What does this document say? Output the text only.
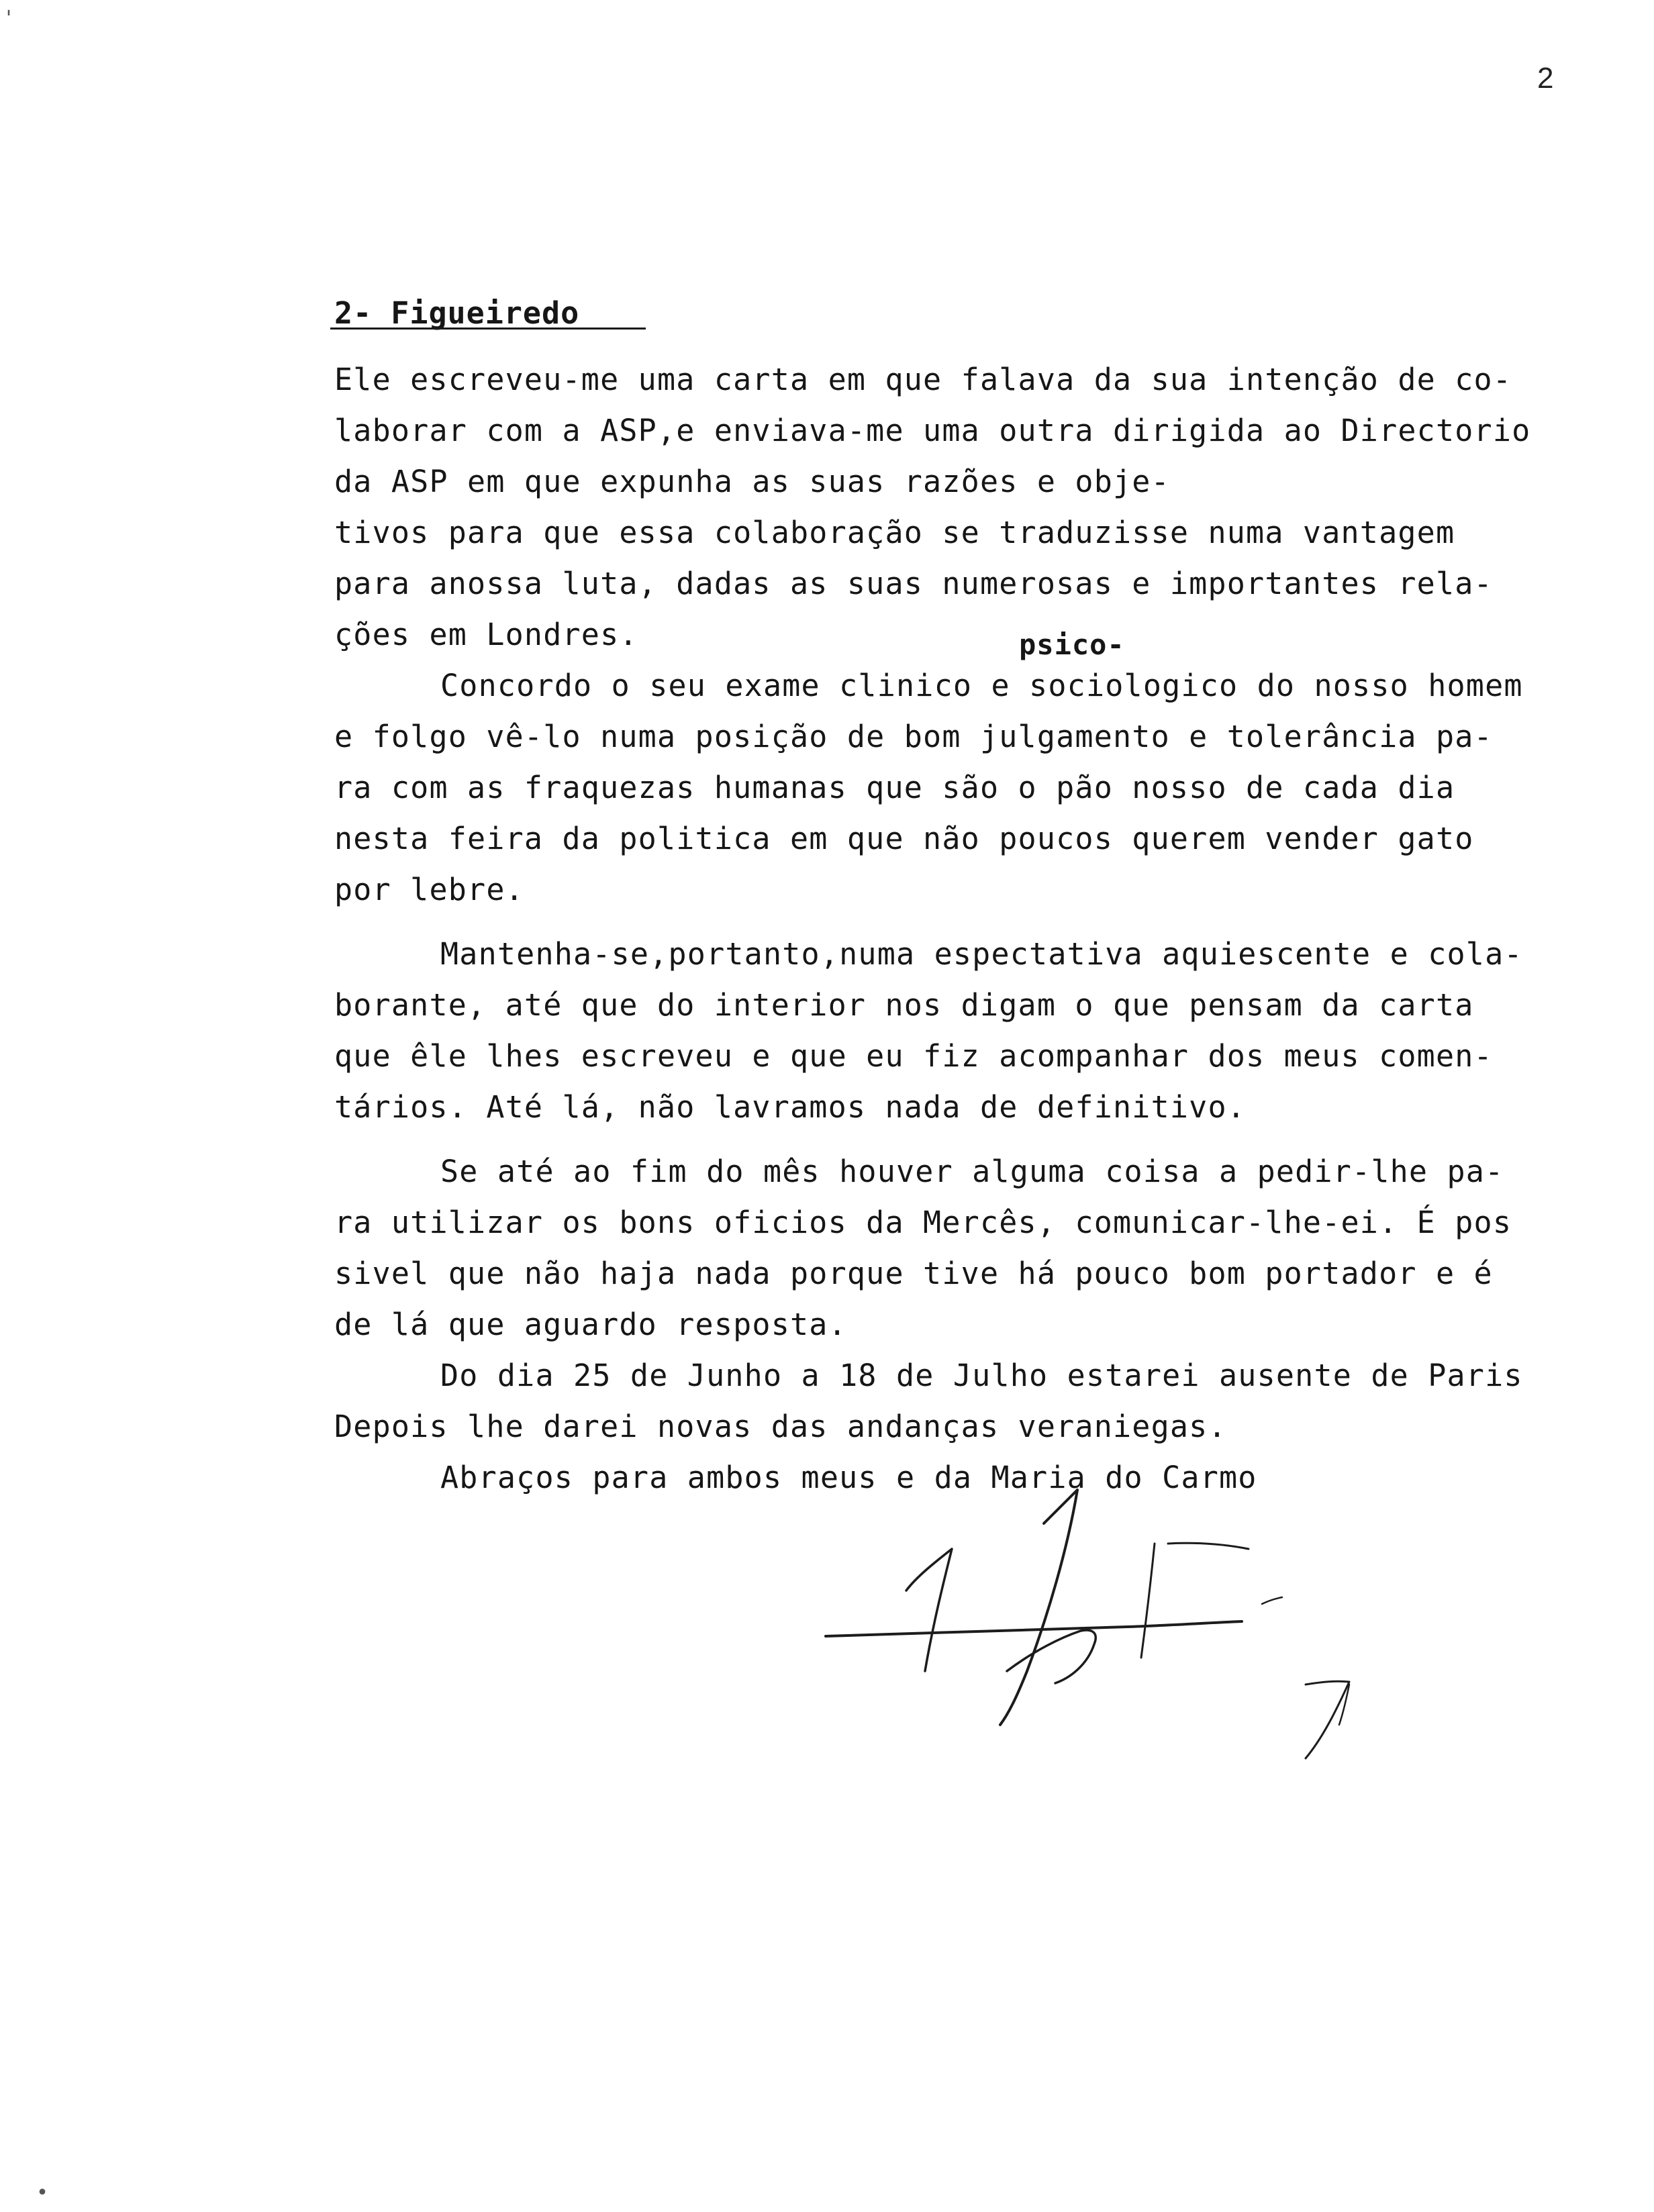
2
2- Figueiredo
psico-
Ele escreveu-me uma carta em que falava da sua intenção de co-
laborar com a ASP,e enviava-me uma outra dirigida ao Directorio
da ASP em que expunha as suas razões e obje-
tivos para que essa colaboração se traduzisse numa vantagem
para anossa luta, dadas as suas numerosas e importantes rela-
ções em Londres.
Concordo o seu exame clinico e sociologico do nosso homem
e folgo vê-lo numa posição de bom julgamento e tolerância pa-
ra com as fraquezas humanas que são o pão nosso de cada dia
nesta feira da politica em que não poucos querem vender gato
por lebre.
Mantenha-se,portanto,numa espectativa aquiescente e cola-
borante, até que do interior nos digam o que pensam da carta
que êle lhes escreveu e que eu fiz acompanhar dos meus comen-
tários. Até lá, não lavramos nada de definitivo.
Se até ao fim do mês houver alguma coisa a pedir-lhe pa-
ra utilizar os bons oficios da Mercês, comunicar-lhe-ei. É pos
sivel que não haja nada porque tive há pouco bom portador e é
de lá que aguardo resposta.
Do dia 25 de Junho a 18 de Julho estarei ausente de Paris
Depois lhe darei novas das andanças veraniegas.
Abraços para ambos meus e da Maria do Carmo
'
•
